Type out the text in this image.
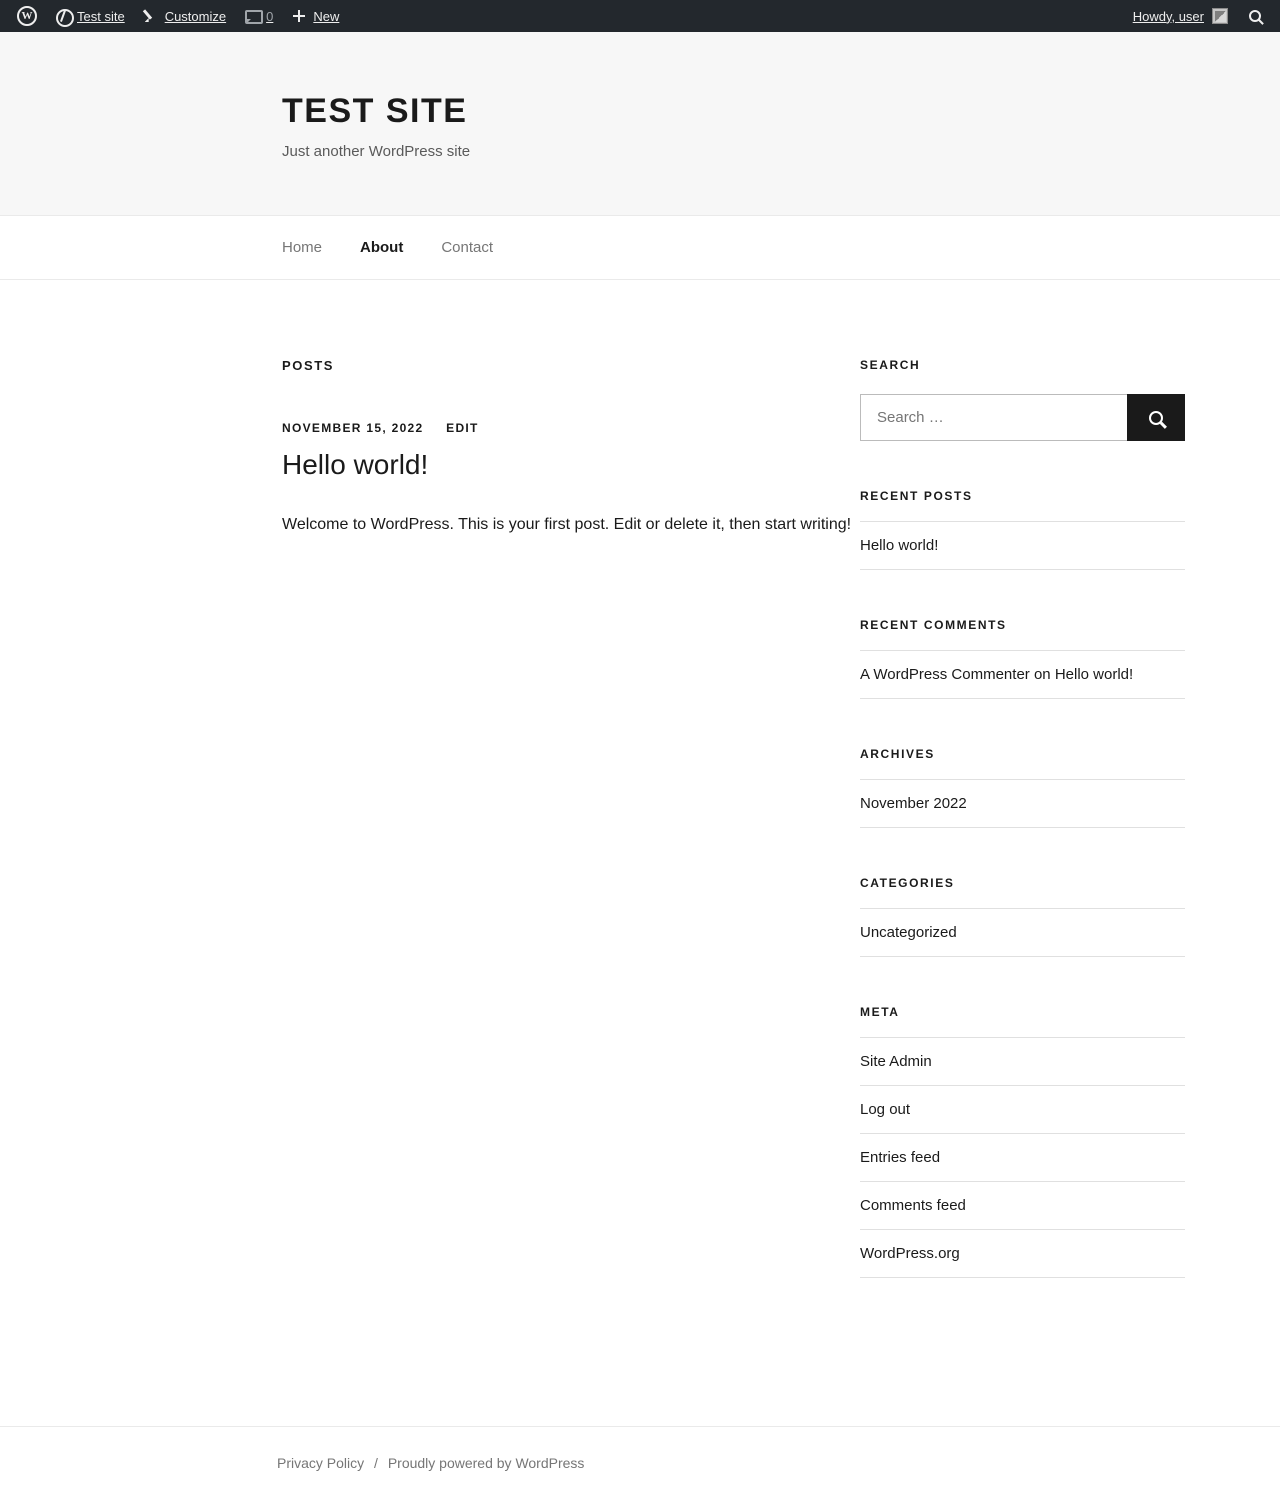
W
Test site	Customize	0	New	Howdy, user
TEST SITE

Just another WordPress site

Home	About	Contact
POSTS
NOVEMBER 15, 2022 EDIT
Hello world!

Welcome to WordPress. This is your first post. Edit or delete it, then start writing!

SEARCH
Search …
RECENT POSTS
Hello world!
RECENT COMMENTS
A WordPress Commenter on Hello world!
ARCHIVES
November 2022
CATEGORIES
Uncategorized
META
Site Admin
Log out
Entries feed
Comments feed
WordPress.org
Privacy Policy / Proudly powered by WordPress
